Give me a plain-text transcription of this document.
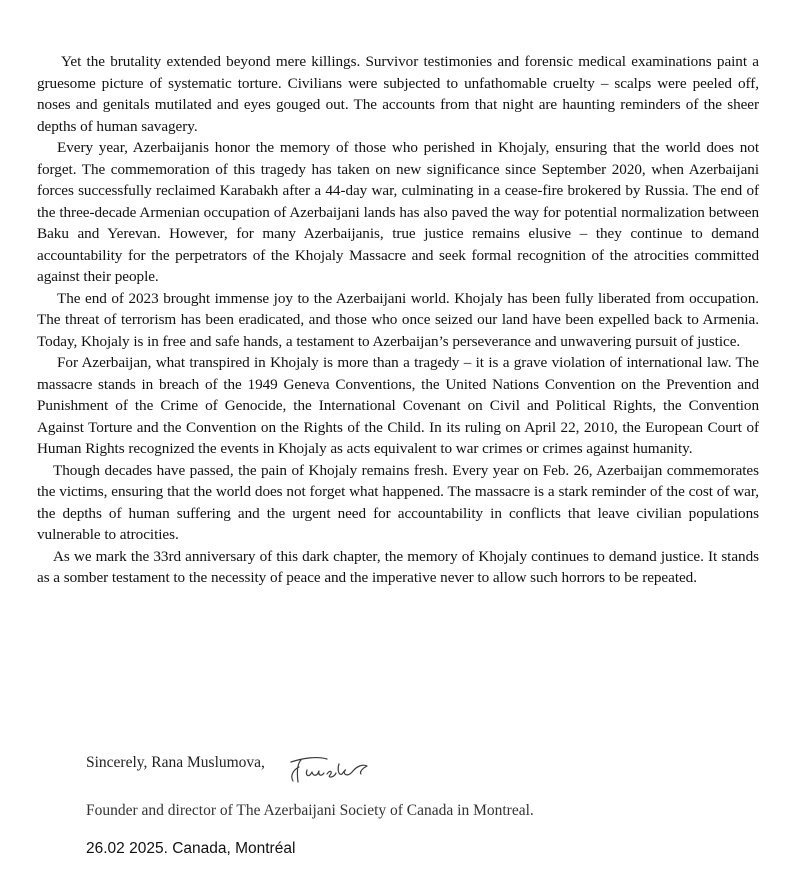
Yet the brutality extended beyond mere killings. Survivor testimonies and forensic medical examinations paint a gruesome picture of systematic torture. Civilians were subjected to unfathomable cruelty – scalps were peeled off, noses and genitals mutilated and eyes gouged out. The accounts from that night are haunting reminders of the sheer depths of human savagery.

Every year, Azerbaijanis honor the memory of those who perished in Khojaly, ensuring that the world does not forget. The commemoration of this tragedy has taken on new significance since September 2020, when Azerbaijani forces successfully reclaimed Karabakh after a 44-day war, culminating in a cease-fire brokered by Russia. The end of the three-decade Armenian occupation of Azerbaijani lands has also paved the way for potential normalization between Baku and Yerevan. However, for many Azerbaijanis, true justice remains elusive – they continue to demand accountability for the perpetrators of the Khojaly Massacre and seek formal recognition of the atrocities committed against their people.

The end of 2023 brought immense joy to the Azerbaijani world. Khojaly has been fully liberated from occupation. The threat of terrorism has been eradicated, and those who once seized our land have been expelled back to Armenia. Today, Khojaly is in free and safe hands, a testament to Azerbaijan’s perseverance and unwavering pursuit of justice.

For Azerbaijan, what transpired in Khojaly is more than a tragedy – it is a grave violation of international law. The massacre stands in breach of the 1949 Geneva Conventions, the United Nations Convention on the Prevention and Punishment of the Crime of Genocide, the International Covenant on Civil and Political Rights, the Convention Against Torture and the Convention on the Rights of the Child. In its ruling on April 22, 2010, the European Court of Human Rights recognized the events in Khojaly as acts equivalent to war crimes or crimes against humanity.

Though decades have passed, the pain of Khojaly remains fresh. Every year on Feb. 26, Azerbaijan commemorates the victims, ensuring that the world does not forget what happened. The massacre is a stark reminder of the cost of war, the depths of human suffering and the urgent need for accountability in conflicts that leave civilian populations vulnerable to atrocities.

As we mark the 33rd anniversary of this dark chapter, the memory of Khojaly continues to demand justice. It stands as a somber testament to the necessity of peace and the imperative never to allow such horrors to be repeated.

Sincerely, Rana Muslumova,
Founder and director of The Azerbaijani Society of Canada in Montreal.
26.02 2025. Canada, Montréal
